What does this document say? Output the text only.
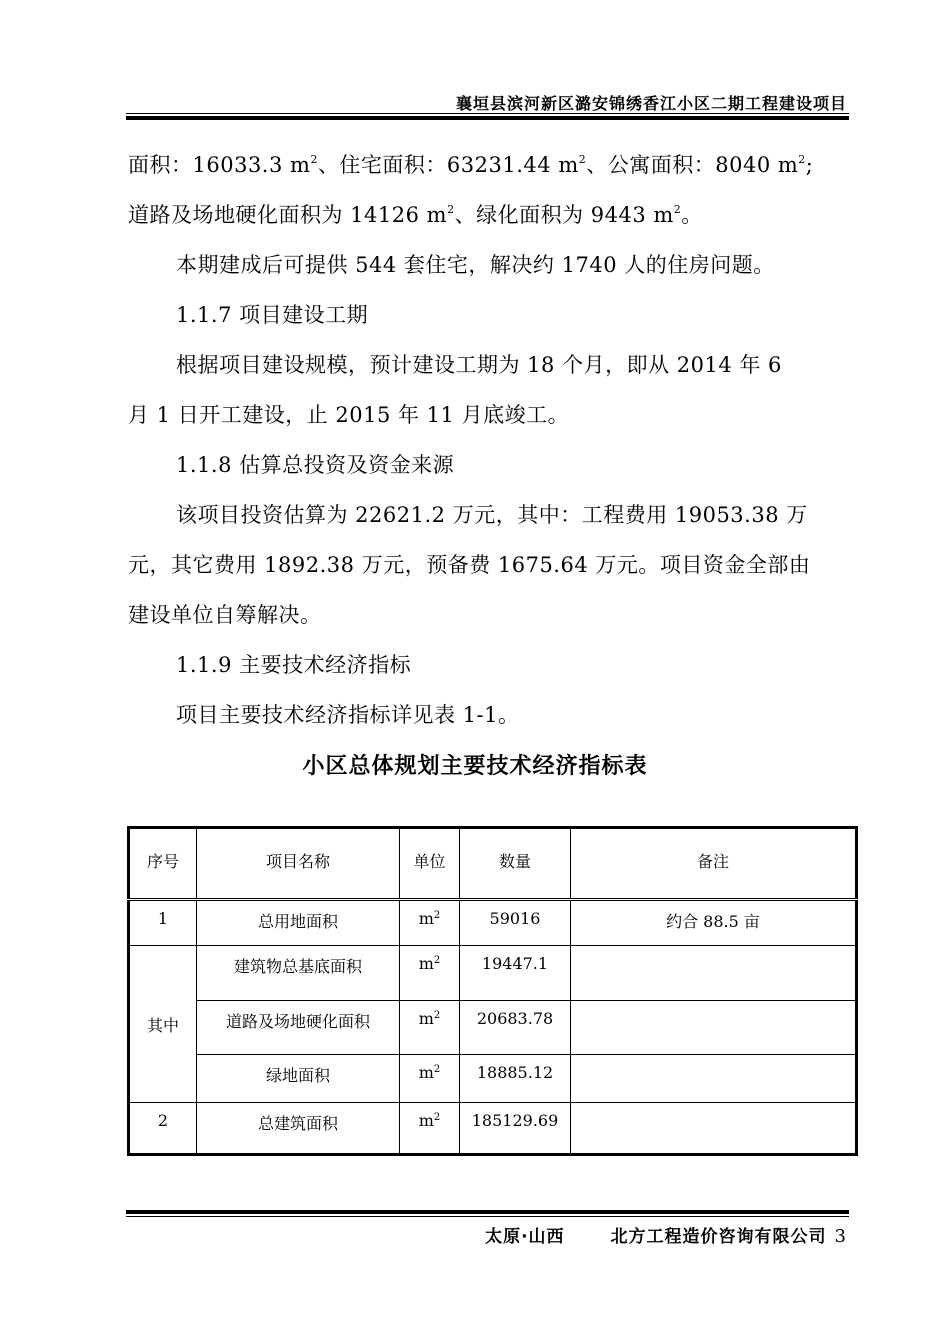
襄垣县滨河新区潞安锦绣香江小区二期工程建设项目
面积：16033.3 $m^2$、住宅面积：63231.44 $m^2$、公寓面积：8040 $m^2$;
道路及场地硬化面积为 14126 $m^2$、绿化面积为 9443 $m^2$。
本期建成后可提供 544 套住宅，解决约 1740 人的住房问题。
1.1.7 项目建设工期
根据项目建设规模，预计建设工期为 18 个月，即从 2014 年 6
月 1 日开工建设，止 2015 年 11 月底竣工。
1.1.8 估算总投资及资金来源
该项目投资估算为 22621.2 万元，其中：工程费用 19053.38 万
元，其它费用 1892.38 万元，预备费 1675.64 万元。项目资金全部由
建设单位自筹解决。
1.1.9 主要技术经济指标
项目主要技术经济指标详见表 1-1。
小区总体规划主要技术经济指标表
序号	项目名称	单位	数量	备注
1	总用地面积	$m^2$	59016	约合 88.5 亩
其中	建筑物总基底面积	$m^2$	19447.1	
	道路及场地硬化面积	$m^2$	20683.78	
	绿地面积	$m^2$	18885.12	
2	总建筑面积	$m^2$	185129.69	
太原·山西	北方工程造价咨询有限公司 3
